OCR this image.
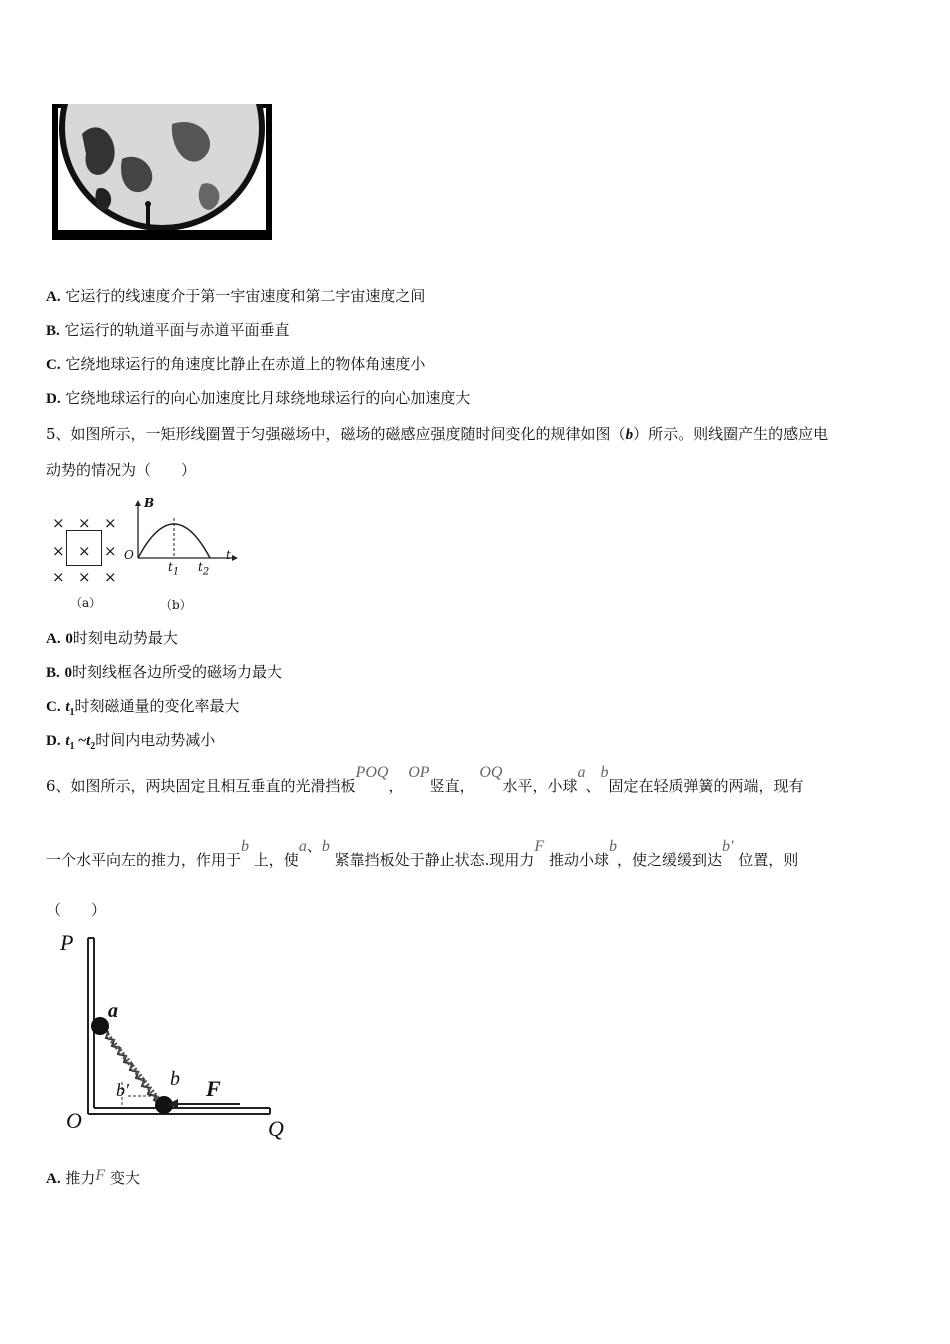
A. 它运行的线速度介于第一宇宙速度和第二宇宙速度之间
B. 它运行的轨道平面与赤道平面垂直
C. 它绕地球运行的角速度比静止在赤道上的物体角速度小
D. 它绕地球运行的向心加速度比月球绕地球运行的向心加速度大
5、如图所示，一矩形线圈置于匀强磁场中，磁场的磁感应强度随时间变化的规律如图（b）所示。则线圈产生的感应电
动势的情况为（　　）
× × ×
×	×
× × ×
×
（a）
B
t
O
$t_1$ $t_2$
（b）
A. 0时刻电动势最大
B. 0时刻线框各边所受的磁场力最大
C. $t_1$时刻磁通量的变化率最大
D. $t_1$ $\sim t_2$时间内电动势减小
6、如图所示，两块固定且相互垂直的光滑挡板POQ， OP竖直， OQ水平，小球a、b固定在轻质弹簧的两端，现有
一个水平向左的推力，作用于b 上，使a、b 紧靠挡板处于静止状态.现用力F 推动小球b，使之缓缓到达b' 位置，则
（　　）
P
O	Q
a
b
b'	F
A. 推力F 变大
